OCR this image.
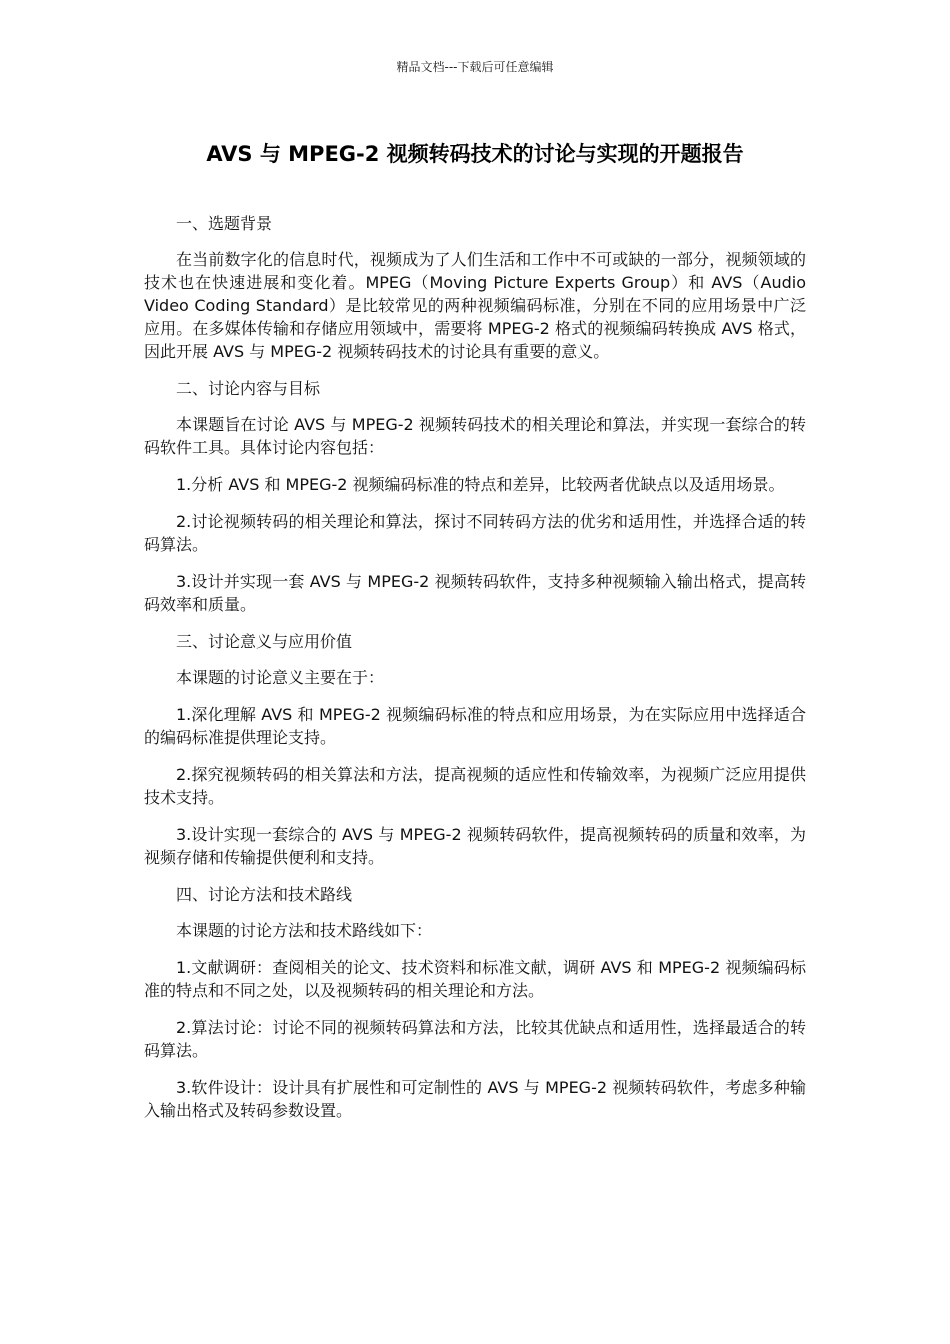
精品文档---下载后可任意编辑
AVS 与 MPEG-2 视频转码技术的讨论与实现的开题报告

一、选题背景

在当前数字化的信息时代，视频成为了人们生活和工作中不可或缺的一部分，视频领域的技术也在快速进展和变化着。MPEG（Moving Picture Experts Group）和 AVS（Audio Video Coding Standard）是比较常见的两种视频编码标准，分别在不同的应用场景中广泛应用。在多媒体传输和存储应用领域中，需要将 MPEG-2 格式的视频编码转换成 AVS 格式，因此开展 AVS 与 MPEG-2 视频转码技术的讨论具有重要的意义。

二、讨论内容与目标

本课题旨在讨论 AVS 与 MPEG-2 视频转码技术的相关理论和算法，并实现一套综合的转码软件工具。具体讨论内容包括：

1.分析 AVS 和 MPEG-2 视频编码标准的特点和差异，比较两者优缺点以及适用场景。

2.讨论视频转码的相关理论和算法，探讨不同转码方法的优劣和适用性，并选择合适的转码算法。

3.设计并实现一套 AVS 与 MPEG-2 视频转码软件，支持多种视频输入输出格式，提高转码效率和质量。

三、讨论意义与应用价值

本课题的讨论意义主要在于：

1.深化理解 AVS 和 MPEG-2 视频编码标准的特点和应用场景，为在实际应用中选择适合的编码标准提供理论支持。

2.探究视频转码的相关算法和方法，提高视频的适应性和传输效率，为视频广泛应用提供技术支持。

3.设计实现一套综合的 AVS 与 MPEG-2 视频转码软件，提高视频转码的质量和效率，为视频存储和传输提供便利和支持。

四、讨论方法和技术路线

本课题的讨论方法和技术路线如下：

1.文献调研：查阅相关的论文、技术资料和标准文献，调研 AVS 和 MPEG-2 视频编码标准的特点和不同之处，以及视频转码的相关理论和方法。

2.算法讨论：讨论不同的视频转码算法和方法，比较其优缺点和适用性，选择最适合的转码算法。

3.软件设计：设计具有扩展性和可定制性的 AVS 与 MPEG-2 视频转码软件，考虑多种输入输出格式及转码参数设置。
